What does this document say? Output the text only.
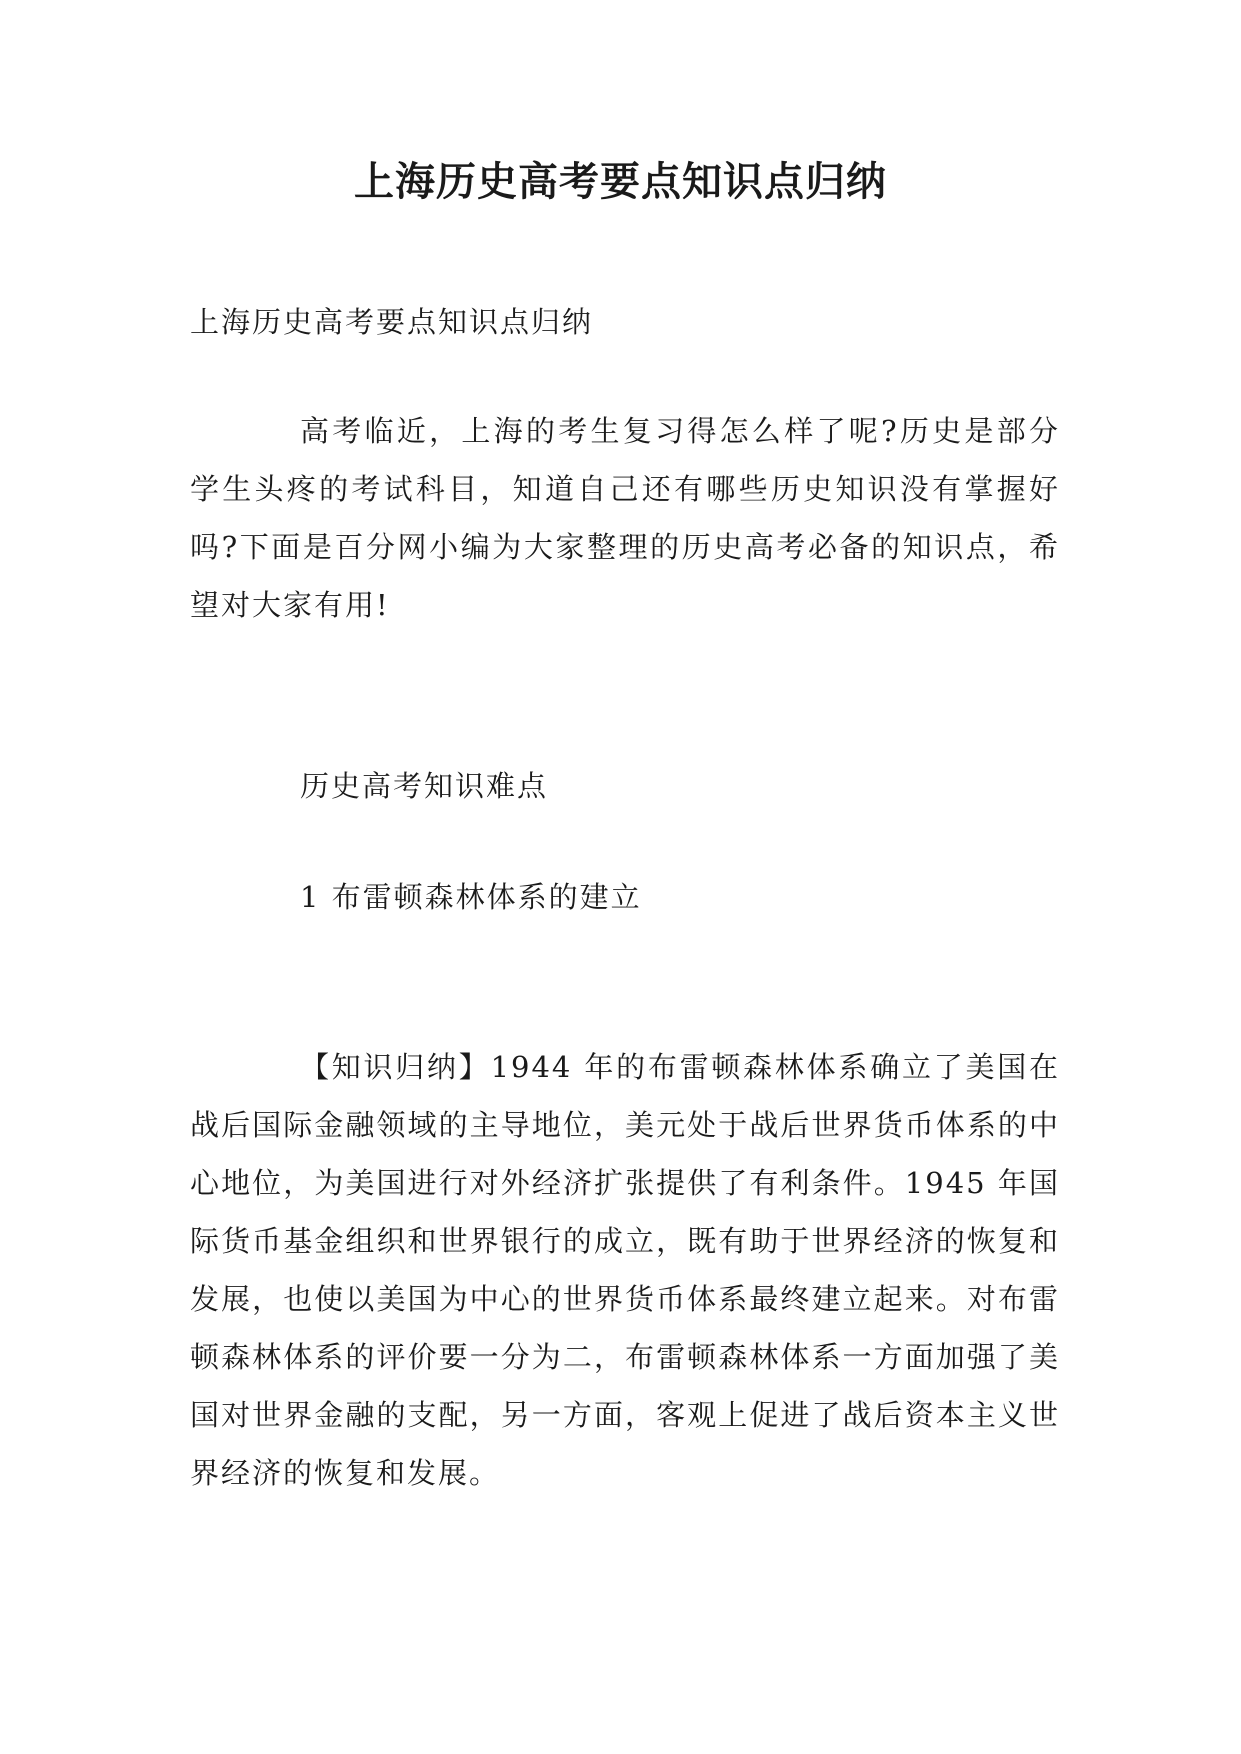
上海历史高考要点知识点归纳

上海历史高考要点知识点归纳

高考临近，上海的考生复习得怎么样了呢?历史是部分学生头疼的考试科目，知道自己还有哪些历史知识没有掌握好吗?下面是百分网小编为大家整理的历史高考必备的知识点，希望对大家有用!

历史高考知识难点

1 布雷顿森林体系的建立

【知识归纳】1944 年的布雷顿森林体系确立了美国在战后国际金融领域的主导地位，美元处于战后世界货币体系的中心地位，为美国进行对外经济扩张提供了有利条件。1945 年国际货币基金组织和世界银行的成立，既有助于世界经济的恢复和发展，也使以美国为中心的世界货币体系最终建立起来。对布雷顿森林体系的评价要一分为二，布雷顿森林体系一方面加强了美国对世界金融的支配，另一方面，客观上促进了战后资本主义世界经济的恢复和发展。
